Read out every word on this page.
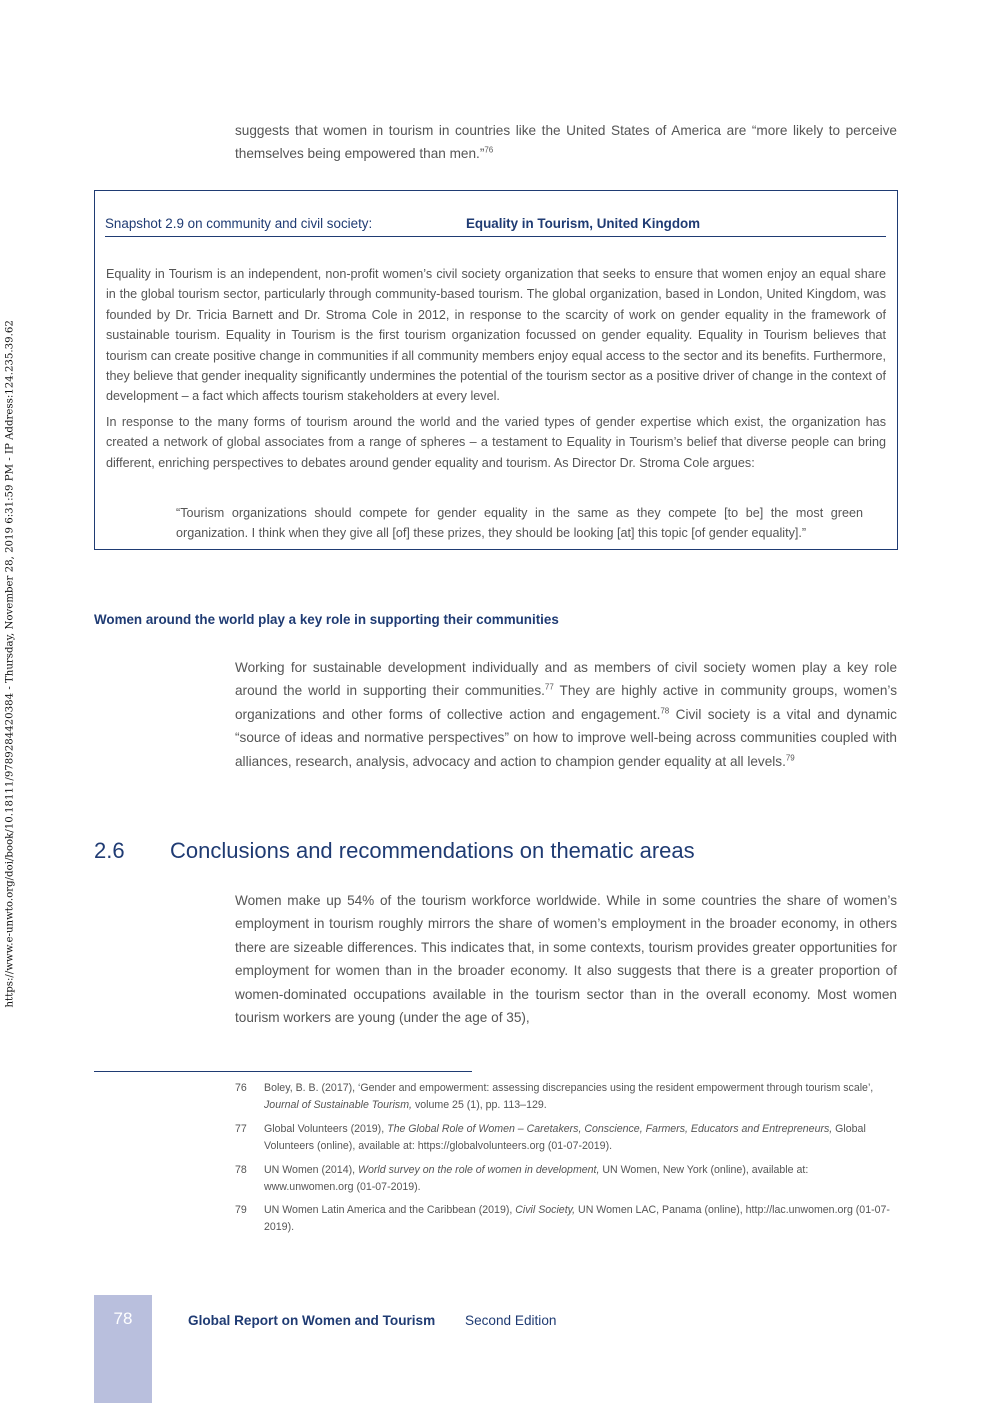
https://www.e-unwto.org/doi/book/10.18111/9789284420384 - Thursday, November 28, 2019 6:31:59 PM - IP Address:124.235.39.62
suggests that women in tourism in countries like the United States of America are “more likely to perceive themselves being empowered than men.”$^{76}$
Snapshot 2.9 on community and civil society:	Equality in Tourism, United Kingdom
Equality in Tourism is an independent, non-profit women’s civil society organization that seeks to ensure that women enjoy an equal share in the global tourism sector, particularly through community-based tourism. The global organization, based in London, United Kingdom, was founded by Dr. Tricia Barnett and Dr. Stroma Cole in 2012, in response to the scarcity of work on gender equality in the framework of sustainable tourism. Equality in Tourism is the first tourism organization focussed on gender equality. Equality in Tourism believes that tourism can create positive change in communities if all community members enjoy equal access to the sector and its benefits. Furthermore, they believe that gender inequality significantly undermines the potential of the tourism sector as a positive driver of change in the context of development – a fact which affects tourism stakeholders at every level.
In response to the many forms of tourism around the world and the varied types of gender expertise which exist, the organization has created a network of global associates from a range of spheres – a testament to Equality in Tourism’s belief that diverse people can bring different, enriching perspectives to debates around gender equality and tourism. As Director Dr. Stroma Cole argues:
“Tourism organizations should compete for gender equality in the same as they compete [to be] the most green organization. I think when they give all [of] these prizes, they should be looking [at] this topic [of gender equality].”
Women around the world play a key role in supporting their communities
Working for sustainable development individually and as members of civil society women play a key role around the world in supporting their communities.$^{77}$ They are highly active in community groups, women’s organizations and other forms of collective action and engagement.$^{78}$ Civil society is a vital and dynamic “source of ideas and normative perspectives” on how to improve well-being across communities coupled with alliances, research, analysis, advocacy and action to champion gender equality at all levels.$^{79}$
2.6 Conclusions and recommendations on thematic areas
Women make up 54% of the tourism workforce worldwide. While in some countries the share of women’s employment in tourism roughly mirrors the share of women’s employment in the broader economy, in others there are sizeable differences. This indicates that, in some contexts, tourism provides greater opportunities for employment for women than in the broader economy. It also suggests that there is a greater proportion of women-dominated occupations available in the tourism sector than in the overall economy. Most women tourism workers are young (under the age of 35),
76 Boley, B. B. (2017), ‘Gender and empowerment: assessing discrepancies using the resident empowerment through tourism scale’, Journal of Sustainable Tourism, volume 25 (1), pp. 113–129.
77 Global Volunteers (2019), The Global Role of Women – Caretakers, Conscience, Farmers, Educators and Entrepreneurs, Global Volunteers (online), available at: https://globalvolunteers.org (01-07-2019).
78 UN Women (2014), World survey on the role of women in development, UN Women, New York (online), available at: www.unwomen.org (01-07-2019).
79 UN Women Latin America and the Caribbean (2019), Civil Society, UN Women LAC, Panama (online), http://lac.unwomen.org (01-07-2019).
78	Global Report on Women and Tourism Second Edition
